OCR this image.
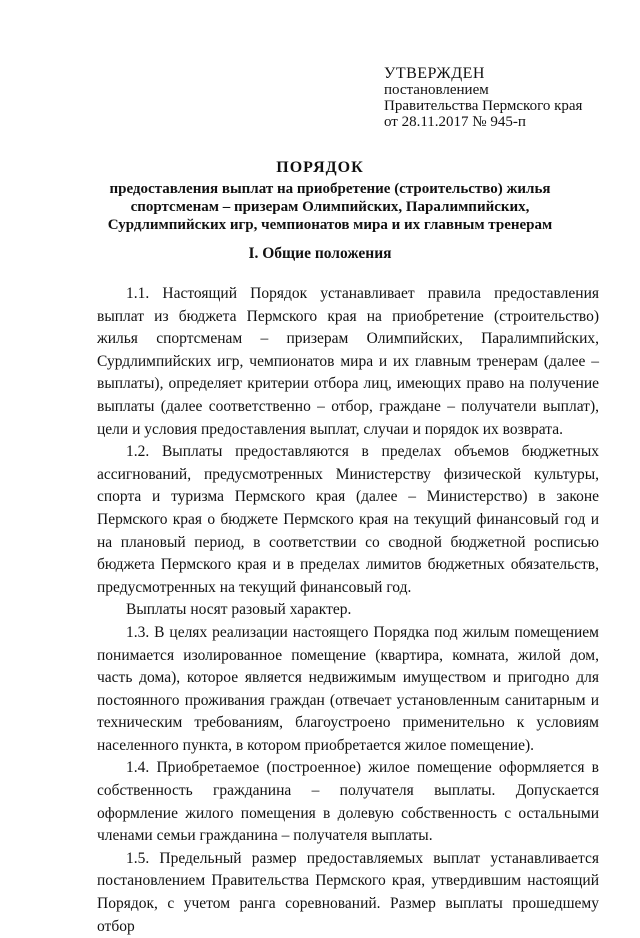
УТВЕРЖДЕН
постановлением
Правительства Пермского края
от 28.11.2017 № 945-п
ПОРЯДОК
предоставления выплат на приобретение (строительство) жилья
спортсменам – призерам Олимпийских, Паралимпийских,
Сурдлимпийских игр, чемпионатов мира и их главным тренерам
I. Общие положения

1.1. Настоящий Порядок устанавливает правила предоставления выплат из бюджета Пермского края на приобретение (строительство) жилья спортсменам – призерам Олимпийских, Паралимпийских, Сурдлимпийских игр, чемпионатов мира и их главным тренерам (далее – выплаты), определяет критерии отбора лиц, имеющих право на получение выплаты (далее соответственно – отбор, граждане – получатели выплат), цели и условия предоставления выплат, случаи и порядок их возврата.

1.2. Выплаты предоставляются в пределах объемов бюджетных ассигнований, предусмотренных Министерству физической культуры, спорта и туризма Пермского края (далее – Министерство) в законе Пермского края о бюджете Пермского края на текущий финансовый год и на плановый период, в соответствии со сводной бюджетной росписью бюджета Пермского края и в пределах лимитов бюджетных обязательств, предусмотренных на текущий финансовый год.

Выплаты носят разовый характер.

1.3. В целях реализации настоящего Порядка под жилым помещением понимается изолированное помещение (квартира, комната, жилой дом, часть дома), которое является недвижимым имуществом и пригодно для постоянного проживания граждан (отвечает установленным санитарным и техническим требованиям, благоустроено применительно к условиям населенного пункта, в котором приобретается жилое помещение).

1.4. Приобретаемое (построенное) жилое помещение оформляется в собственность гражданина – получателя выплаты. Допускается оформление жилого помещения в долевую собственность с остальными членами семьи гражданина – получателя выплаты.

1.5. Предельный размер предоставляемых выплат устанавливается постановлением Правительства Пермского края, утвердившим настоящий Порядок, с учетом ранга соревнований. Размер выплаты прошедшему отбор
